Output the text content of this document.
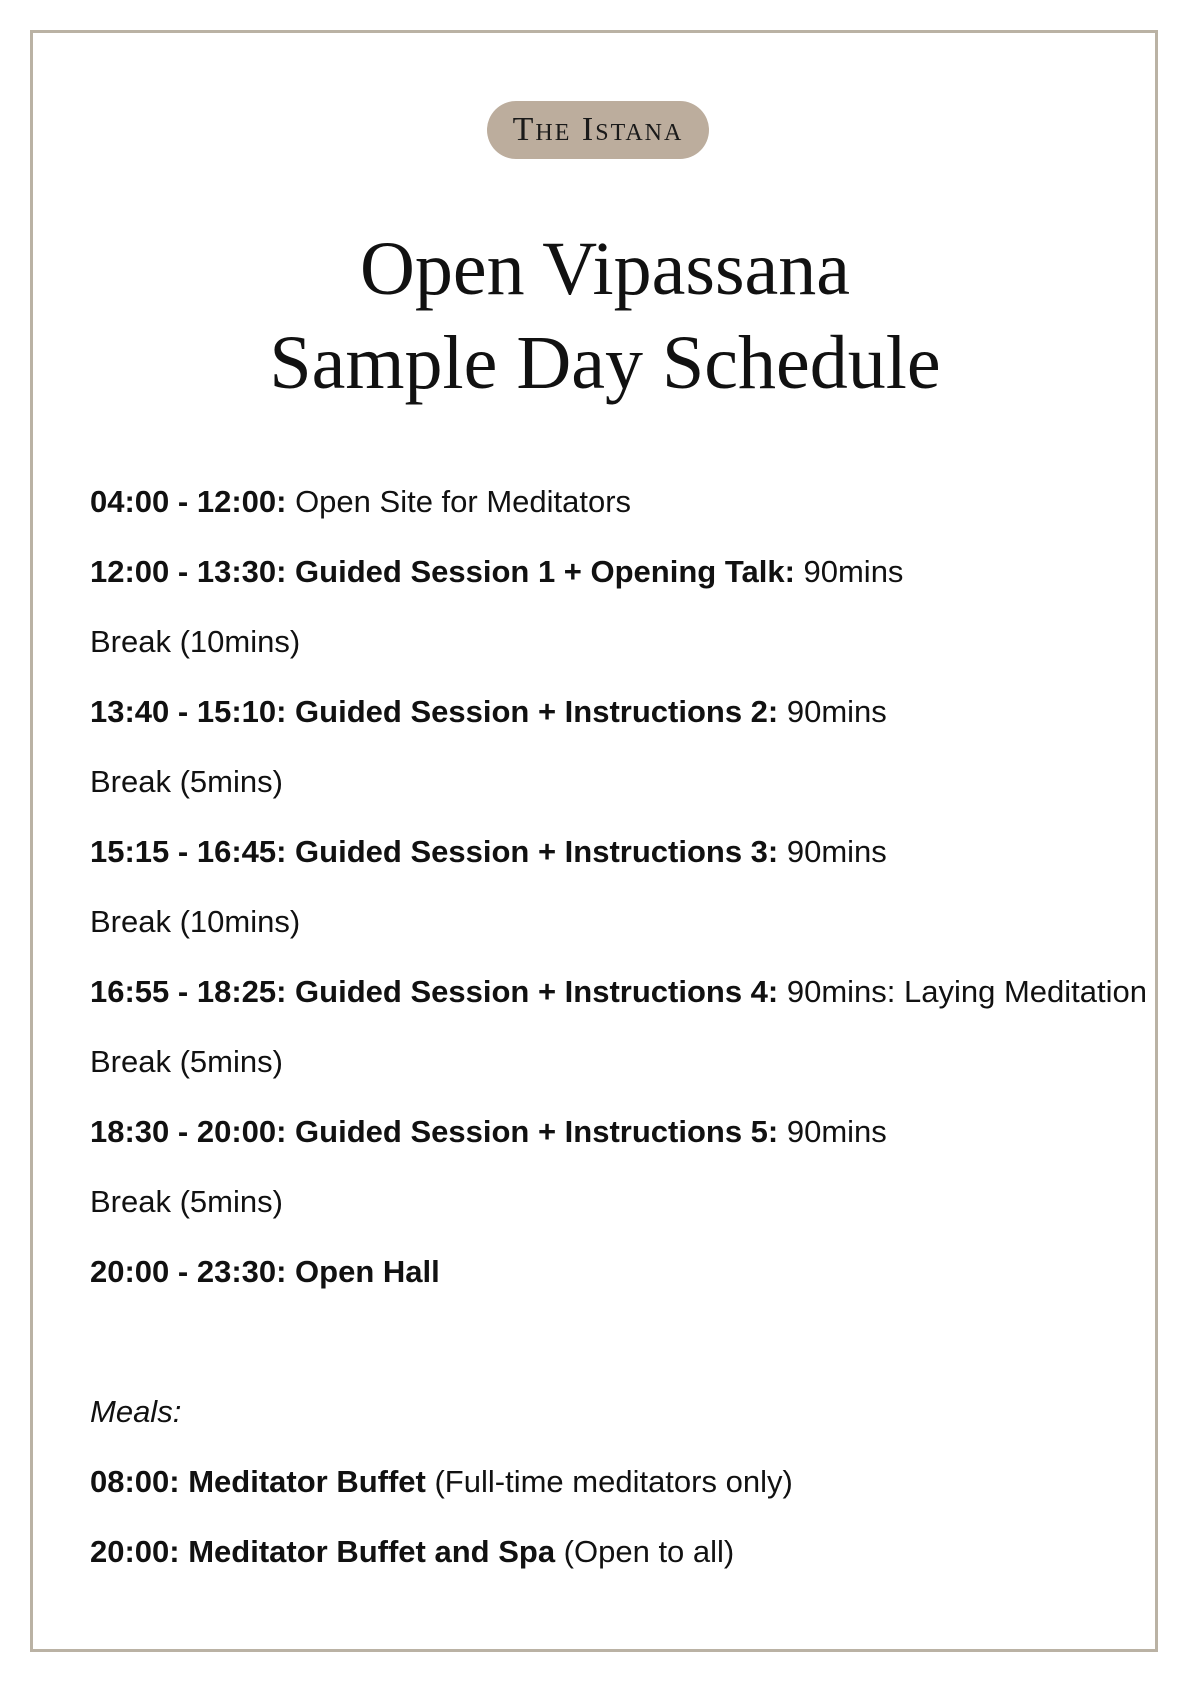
The Istana
Open Vipassana
Sample Day Schedule
04:00 - 12:00: Open Site for Meditators
12:00 - 13:30: Guided Session 1 + Opening Talk: 90mins
Break (10mins)
13:40 - 15:10: Guided Session + Instructions 2: 90mins
Break (5mins)
15:15 - 16:45: Guided Session + Instructions 3: 90mins
Break (10mins)
16:55 - 18:25: Guided Session + Instructions 4: 90mins: Laying Meditation
Break (5mins)
18:30 - 20:00: Guided Session + Instructions 5: 90mins
Break (5mins)
20:00 - 23:30: Open Hall
Meals:
08:00: Meditator Buffet (Full-time meditators only)
20:00: Meditator Buffet and Spa (Open to all)
